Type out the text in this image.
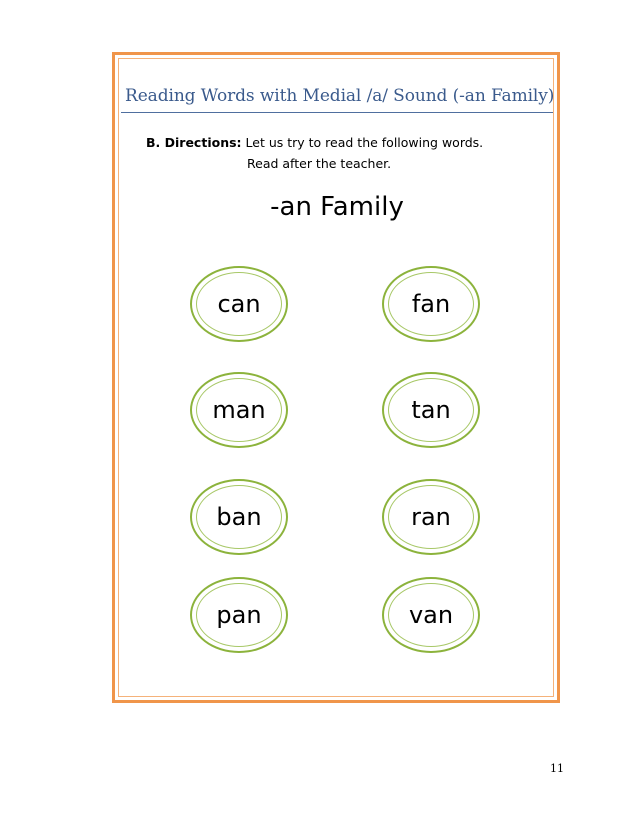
Reading Words with Medial /a/ Sound (-an Family)
B. Directions: Let us try to read the following words.
Read after the teacher.
-an Family
can	fan
man	tan
ban	ran
pan	van
11
